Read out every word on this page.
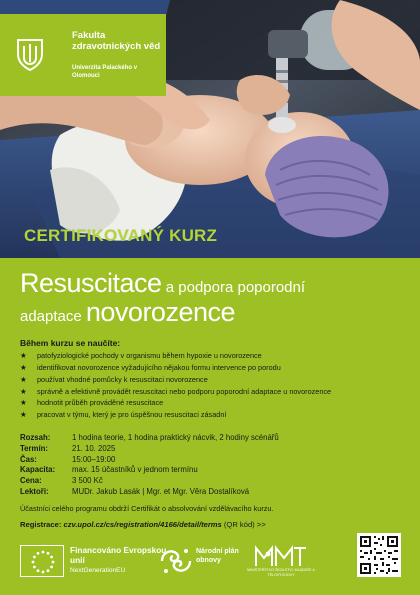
Fakulta zdravotnických věd
Univerzita Palackého v Olomouci
CERTIFIKOVANÝ KURZ
Resuscitace a podpora poporodní
adaptace novorozence
Během kurzu se naučíte:
★	patofyziologické pochody v organismu během hypoxie u novorozence
★	identifikovat novorozence vyžadujícího nějakou formu intervence po porodu
★	používat vhodné pomůcky k resuscitaci novorozence
★	správně a efektivně provádět resuscitaci nebo podporu poporodní adaptace u novorozence
★	hodnotit průběh prováděné resuscitace
★	pracovat v týmu, který je pro úspěšnou resuscitaci zásadní
Rozsah:	1 hodina teorie, 1 hodina praktický nácvik, 2 hodiny scénářů
Termín:	21. 10. 2025
Čas:	15:00–19:00
Kapacita:	max. 15 účastníků v jednom termínu
Cena:	3 500 Kč
Lektoři:	MUDr. Jakub Lasák | Mgr. et Mgr. Věra Dostalíková
Účastníci celého programu obdrží Certifikát o absolvování vzdělávacího kurzu.
Registrace: czv.upol.cz/cs/registration/4166/detail/terms (QR kód) >>
Financováno Evropskou unií
NextGenerationEU
Národní plán obnovy
MINISTERSTVO ŠKOLSTVÍ, MLÁDEŽE A TĚLOVÝCHOVY
